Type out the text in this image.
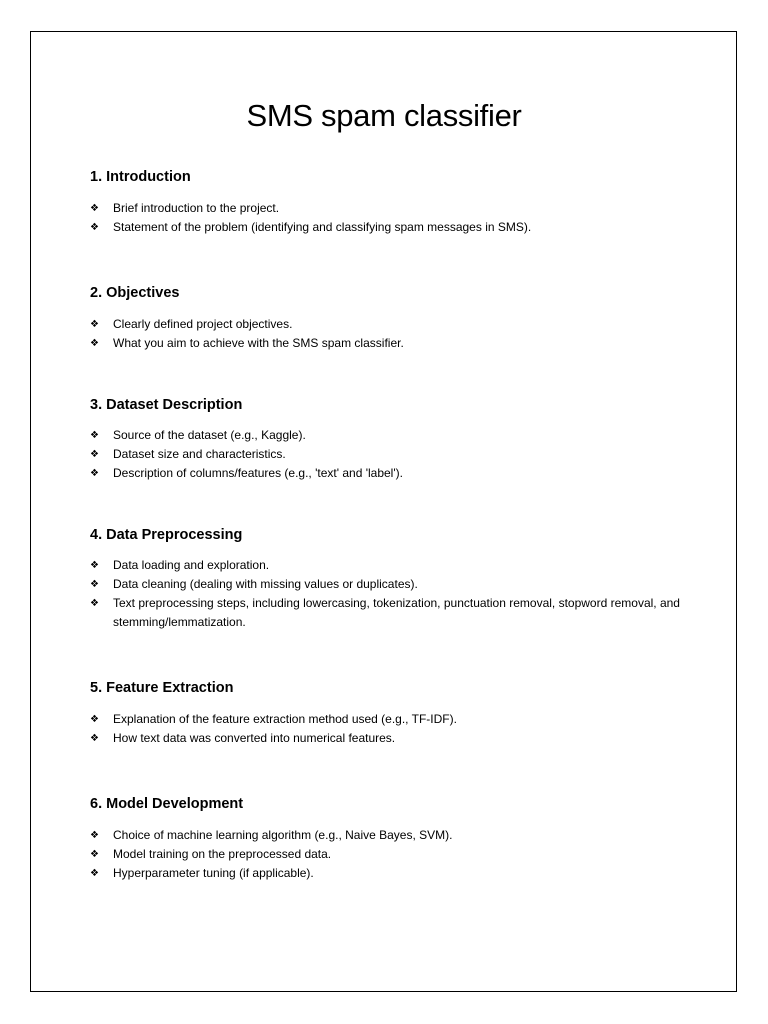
SMS spam classifier
1. Introduction
❖ Brief introduction to the project.
❖ Statement of the problem (identifying and classifying spam messages in SMS).
2. Objectives
❖ Clearly defined project objectives.
❖ What you aim to achieve with the SMS spam classifier.
3. Dataset Description
❖ Source of the dataset (e.g., Kaggle).
❖ Dataset size and characteristics.
❖ Description of columns/features (e.g., 'text' and 'label').
4. Data Preprocessing
❖ Data loading and exploration.
❖ Data cleaning (dealing with missing values or duplicates).
❖ Text preprocessing steps, including lowercasing, tokenization, punctuation removal, stopword removal, and stemming/lemmatization.
5. Feature Extraction
❖ Explanation of the feature extraction method used (e.g., TF-IDF).
❖ How text data was converted into numerical features.
6. Model Development
❖ Choice of machine learning algorithm (e.g., Naive Bayes, SVM).
❖ Model training on the preprocessed data.
❖ Hyperparameter tuning (if applicable).
